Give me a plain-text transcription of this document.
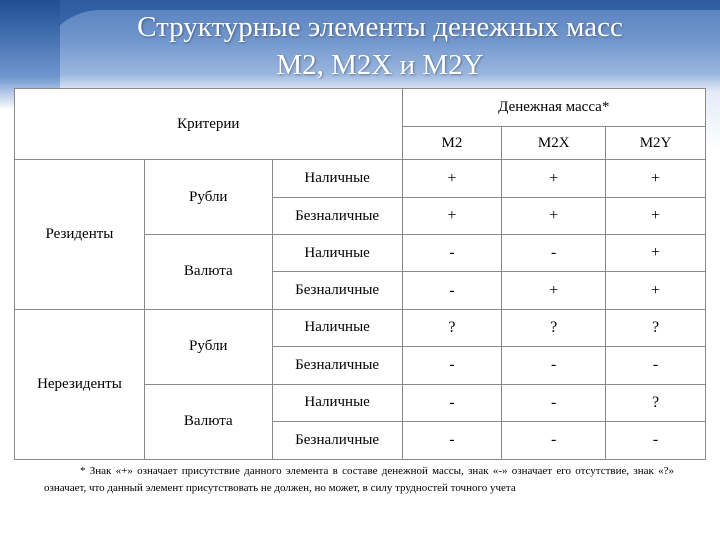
Структурные элементы денежных масс
М2, М2X и М2Y
Критерии			Денежная масса*		
			М2	М2X	М2Y
Резиденты	Рубли	Наличные	+	+	+
		Безналичные	+	+	+
	Валюта	Наличные	-	-	+
		Безналичные	-	+	+
Нерезиденты	Рубли	Наличные	?	?	?
		Безналичные	-	-	-
	Валюта	Наличные	-	-	?
		Безналичные	-	-	-
* Знак «+» означает присутствие данного элемента в составе денежной массы, знак «-» означает его отсутствие, знак «?» означает, что данный элемент присутствовать не должен, но может, в силу трудностей точного учета
